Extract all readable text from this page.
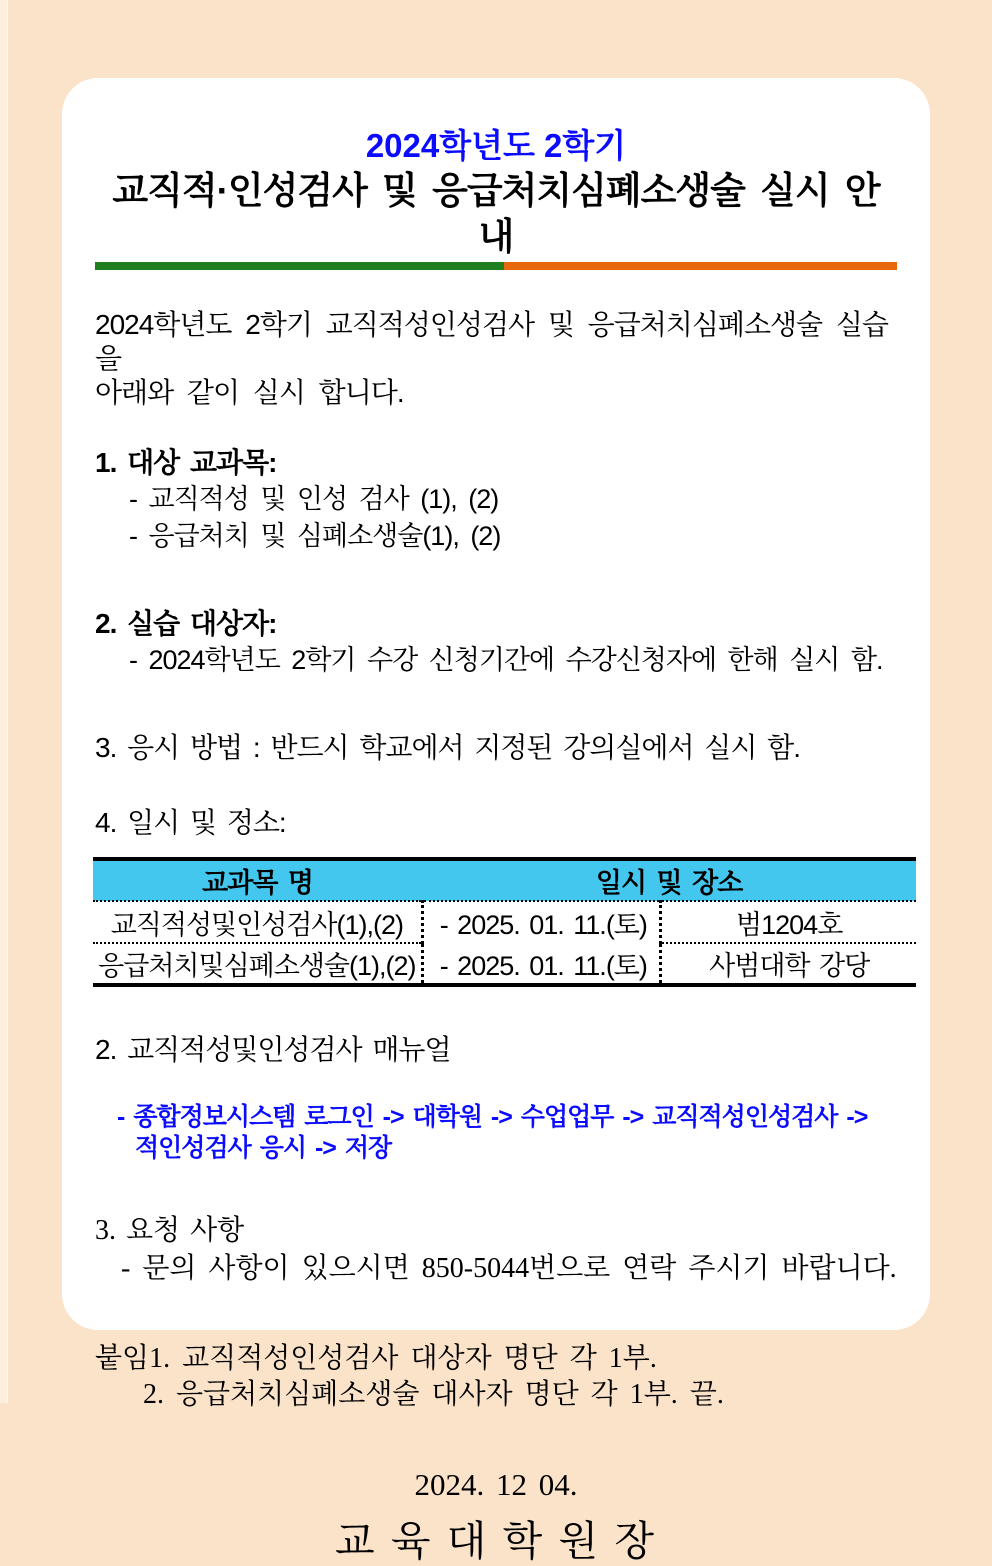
2024학년도 2학기
교직적·인성검사 및 응급처치심폐소생술 실시 안내
2024학년도 2학기 교직적성인성검사 및 응급처치심폐소생술 실습을
아래와 같이 실시 합니다.
1. 대상 교과목:
- 교직적성 및 인성 검사 (1), (2)
- 응급처치 및 심폐소생술(1), (2)
2. 실습 대상자:
- 2024학년도 2학기 수강 신청기간에 수강신청자에 한해 실시 함.
3. 응시 방법 : 반드시 학교에서 지정된 강의실에서 실시 함.
4. 일시 및 정소:
교과목 명	일시 및 장소	
교직적성및인성검사(1),(2)	- 2025. 01. 11.(토)	범1204호
응급처치및심폐소생술(1),(2)	- 2025. 01. 11.(토)	사범대학 강당
2. 교직적성및인성검사 매뉴얼
- 종합정보시스템 로그인 -> 대학원 -> 수업업무 -> 교직적성인성검사 ->
적인성검사 응시 -> 저장
3. 요청 사항
- 문의 사항이 있으시면 850-5044번으로 연락 주시기 바랍니다.
붙임1. 교직적성인성검사 대상자 명단 각 1부.
2. 응급처치심폐소생술 대사자 명단 각 1부. 끝.
2024. 12 04.
교 육 대 학 원 장
